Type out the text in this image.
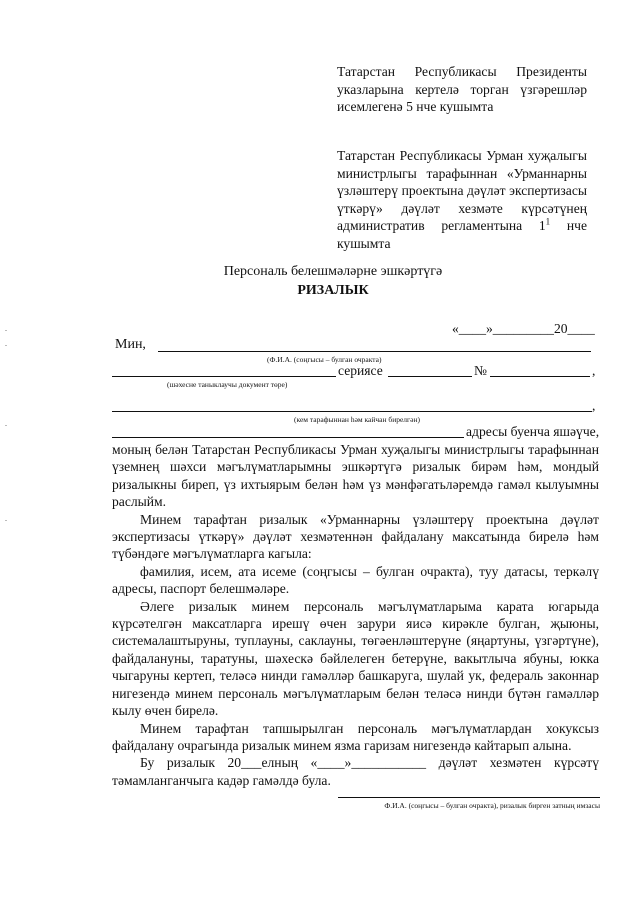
Татарстан Республикасы Президенты указларына кертелә торган үзгәрешләр исемлегенә 5 нче кушымта
Татарстан Республикасы Урман хуҗалыгы министрлыгы тарафыннан «Урманнарны үзләштерү проектына дәүләт экспертизасы үткәрү» дәүләт хезмәте күрсәтүнең административ регламентына $1^1$ нче кушымта
Персональ белешмәләрне эшкәртүгә
РИЗАЛЫК
«____»_________20____
Мин,
(Ф.И.А. (соңгысы – булган очракта)
сериясе	№	,
(шәхесне таныклаучы документ төре)
,
(кем тарафыннан һәм кайчан бирелгән)
адресы буенча яшәүче,

моның белән Татарстан Республикасы Урман хуҗалыгы министрлыгы тарафыннан үземнең шәхси мәгълүматларымны эшкәртүгә ризалык бирәм һәм, мондый ризалыкны биреп, үз ихтыярым белән һәм үз мәнфәгатьләремдә гамәл кылуымны раслыйм.

Минем тарафтан ризалык «Урманнарны үзләштерү проектына дәүләт экспертизасы үткәрү» дәүләт хезмәтеннән файдалану максатында бирелә һәм түбәндәге мәгълүматларга кагыла:

фамилия, исем, ата исеме (соңгысы – булган очракта), туу датасы, теркәлү адресы, паспорт белешмәләре.

Әлеге ризалык минем персональ мәгълүматларыма карата югарыда күрсәтелгән максатларга ирешү өчен зарури яисә кирәкле булган, җыюны, системалаштыруны, туплауны, саклауны, төгәенләштерүне (яңартуны, үзгәртүне), файдалануны, таратуны, шәхескә бәйлелеген бетерүне, вакытлыча ябуны, юкка чыгаруны кертеп, теләсә нинди гамәлләр башкаруга, шулай ук, федераль законнар нигезендә минем персональ мәгълүматларым белән теләсә нинди бүтән гамәлләр кылу өчен бирелә.

Минем тарафтан тапшырылган персональ мәгълүматлардан хокуксыз файдалану очрагында ризалык минем язма гаризам нигезендә кайтарып алына.

Бу ризалык 20___елның «____»___________ дәүләт хезмәтен күрсәтү тәмамланганчыга кадәр гамәлдә була.

Ф.И.А. (соңгысы – булган очракта), ризалык бирген затның имзасы
